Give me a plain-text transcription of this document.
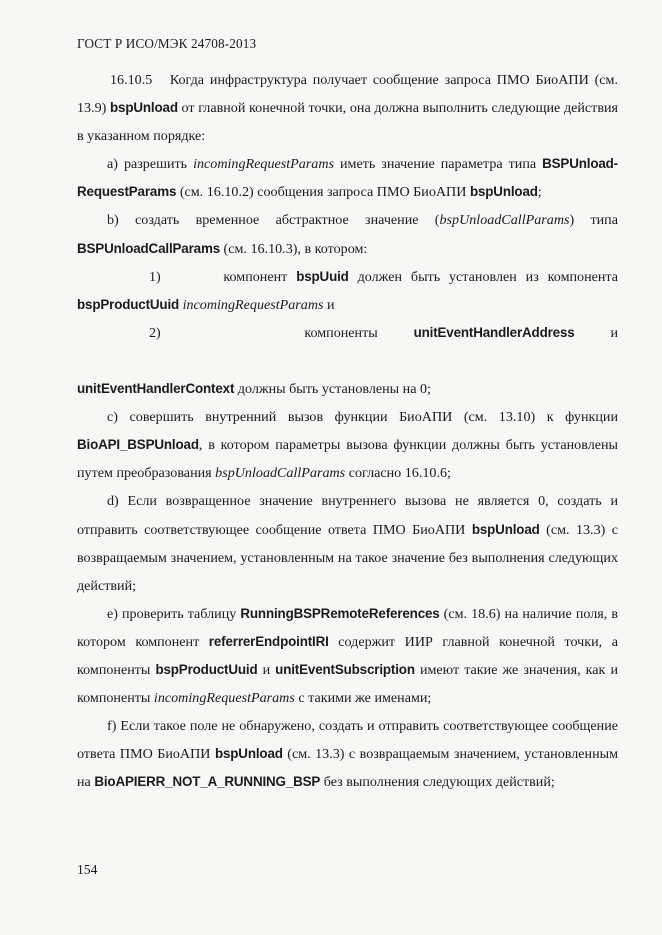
ГОСТ Р ИСО/МЭК 24708-2013

16.10.5 Когда инфраструктура получает сообщение запроса ПМО БиоАПИ (см. 13.9) bspUnload от главной конечной точки, она должна выполнить следующие действия в указанном порядке:

a) разрешить incomingRequestParams иметь значение параметра типа BSPUnload-RequestParams (см. 16.10.2) сообщения запроса ПМО БиоАПИ bspUnload;

b) создать временное абстрактное значение (bspUnloadCallParams) типа BSPUnloadCallParams (см. 16.10.3), в котором:

1)	компонент bspUuid должен быть установлен из компонента bspProductUuid incomingRequestParams и

2)	компоненты	unitEventHandlerAddress	и
unitEventHandlerContext должны быть установлены на 0;

c) совершить внутренний вызов функции БиоАПИ (см. 13.10) к функции BioAPI_BSPUnload, в котором параметры вызова функции должны быть установлены путем преобразования bspUnloadCallParams согласно 16.10.6;

d) Если возвращенное значение внутреннего вызова не является 0, создать и отправить соответствующее сообщение ответа ПМО БиоАПИ bspUnload (см. 13.3) с возвращаемым значением, установленным на такое значение без выполнения следующих действий;

e) проверить таблицу RunningBSPRemoteReferences (см. 18.6) на наличие поля, в котором компонент referrerEndpointIRI содержит ИИР главной конечной точки, а компоненты bspProductUuid и unitEventSubscription имеют такие же значения, как и компоненты incomingRequestParams с такими же именами;

f) Если такое поле не обнаружено, создать и отправить соответствующее сообщение ответа ПМО БиоАПИ bspUnload (см. 13.3) с возвращаемым значением, установленным на BioAPIERR_NOT_A_RUNNING_BSP без выполнения следующих действий;

154
